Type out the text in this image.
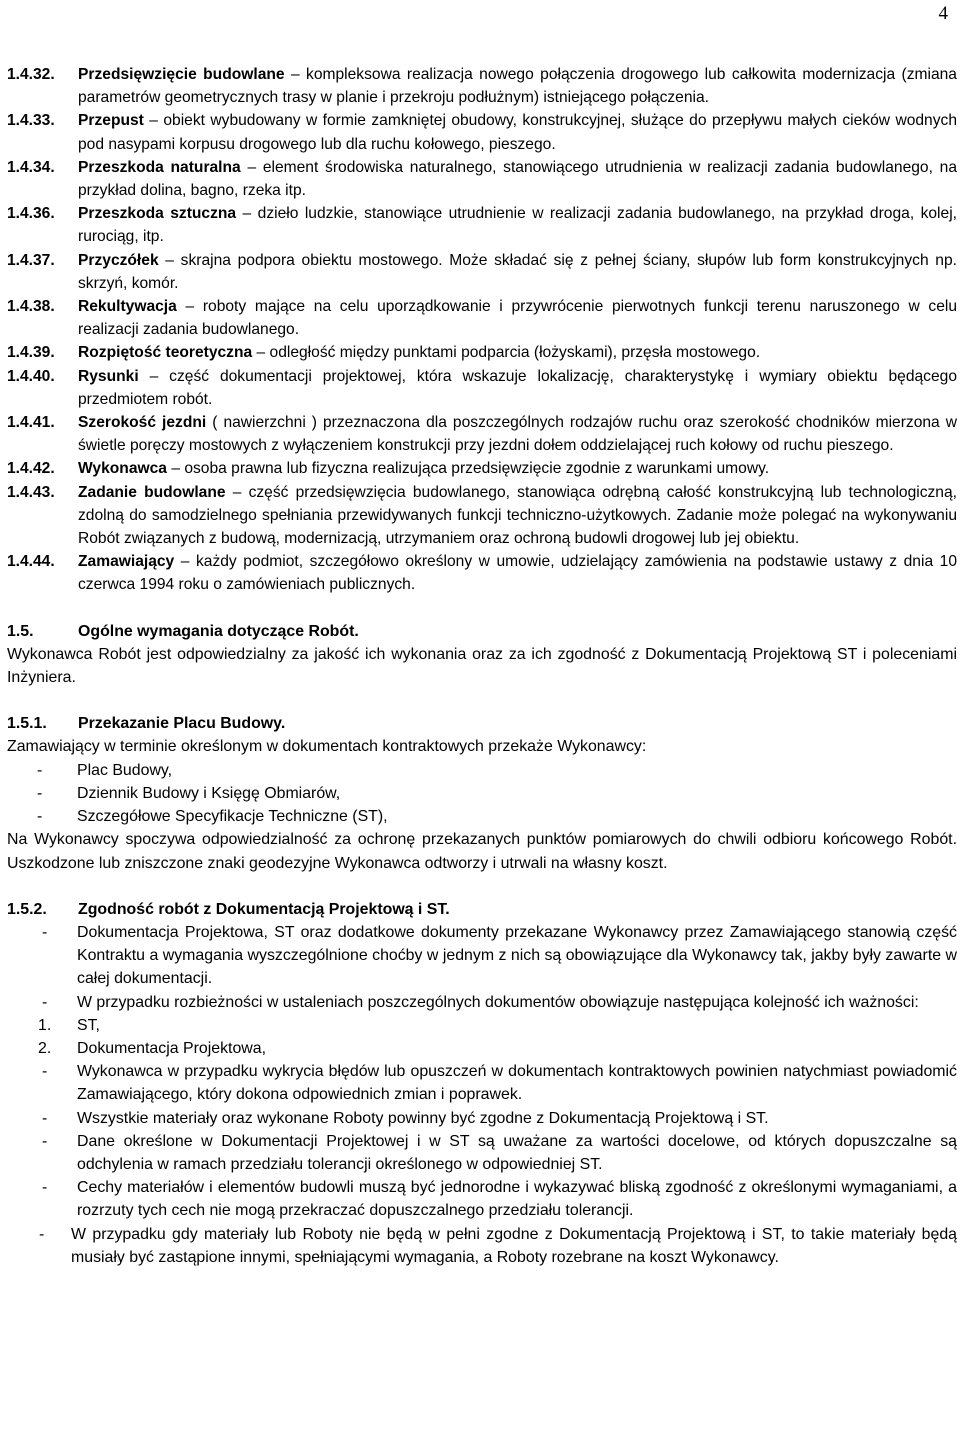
4
1.4.32.	Przedsięwzięcie budowlane – kompleksowa realizacja nowego połączenia drogowego lub całkowita modernizacja (zmiana parametrów geometrycznych trasy w planie i przekroju podłużnym) istniejącego połączenia.
1.4.33.	Przepust – obiekt wybudowany w formie zamkniętej obudowy, konstrukcyjnej, służące do przepływu małych cieków wodnych pod nasypami korpusu drogowego lub dla ruchu kołowego, pieszego.
1.4.34.	Przeszkoda naturalna – element środowiska naturalnego, stanowiącego utrudnienia w realizacji zadania budowlanego, na przykład dolina, bagno, rzeka itp.
1.4.36.	Przeszkoda sztuczna – dzieło ludzkie, stanowiące utrudnienie w realizacji zadania budowlanego, na przykład droga, kolej, rurociąg, itp.
1.4.37.	Przyczółek – skrajna podpora obiektu mostowego. Może składać się z pełnej ściany, słupów lub form konstrukcyjnych np. skrzyń, komór.
1.4.38.	Rekultywacja – roboty mające na celu uporządkowanie i przywrócenie pierwotnych funkcji terenu naruszonego w celu realizacji zadania budowlanego.
1.4.39.	Rozpiętość teoretyczna – odległość między punktami podparcia (łożyskami), przęsła mostowego.
1.4.40.	Rysunki – część dokumentacji projektowej, która wskazuje lokalizację, charakterystykę i wymiary obiektu będącego przedmiotem robót.
1.4.41.	Szerokość jezdni ( nawierzchni ) przeznaczona dla poszczególnych rodzajów ruchu oraz szerokość chodników mierzona w świetle poręczy mostowych z wyłączeniem konstrukcji przy jezdni dołem oddzielającej ruch kołowy od ruchu pieszego.
1.4.42.	Wykonawca – osoba prawna lub fizyczna realizująca przedsięwzięcie zgodnie z warunkami umowy.
1.4.43.	Zadanie budowlane – część przedsięwzięcia budowlanego, stanowiąca odrębną całość konstrukcyjną lub technologiczną, zdolną do samodzielnego spełniania przewidywanych funkcji techniczno-użytkowych. Zadanie może polegać na wykonywaniu Robót związanych z budową, modernizacją, utrzymaniem oraz ochroną budowli drogowej lub jej obiektu.
1.4.44.	Zamawiający – każdy podmiot, szczegółowo określony w umowie, udzielający zamówienia na podstawie ustawy z dnia 10 czerwca 1994 roku o zamówieniach publicznych.
1.5.	Ogólne wymagania dotyczące Robót.

Wykonawca Robót jest odpowiedzialny za jakość ich wykonania oraz za ich zgodność z Dokumentacją Projektową ST i poleceniami Inżyniera.

1.5.1.	Przekazanie Placu Budowy.

Zamawiający w terminie określonym w dokumentach kontraktowych przekaże Wykonawcy:

-	Plac Budowy,
-	Dziennik Budowy i Księgę Obmiarów,
-	Szczegółowe Specyfikacje Techniczne (ST),

Na Wykonawcy spoczywa odpowiedzialność za ochronę przekazanych punktów pomiarowych do chwili odbioru końcowego Robót. Uszkodzone lub zniszczone znaki geodezyjne Wykonawca odtworzy i utrwali na własny koszt.

1.5.2.	Zgodność robót z Dokumentacją Projektową i ST.
-	Dokumentacja Projektowa, ST oraz dodatkowe dokumenty przekazane Wykonawcy przez Zamawiającego stanowią część Kontraktu a wymagania wyszczególnione choćby w jednym z nich są obowiązujące dla Wykonawcy tak, jakby były zawarte w całej dokumentacji.
-	W przypadku rozbieżności w ustaleniach poszczególnych dokumentów obowiązuje następująca kolejność ich ważności:
1.	ST,
2.	Dokumentacja Projektowa,
-	Wykonawca w przypadku wykrycia błędów lub opuszczeń w dokumentach kontraktowych powinien natychmiast powiadomić Zamawiającego, który dokona odpowiednich zmian i poprawek.
-	Wszystkie materiały oraz wykonane Roboty powinny być zgodne z Dokumentacją Projektową i ST.
-	Dane określone w Dokumentacji Projektowej i w ST są uważane za wartości docelowe, od których dopuszczalne są odchylenia w ramach przedziału tolerancji określonego w odpowiedniej ST.
-	Cechy materiałów i elementów budowli muszą być jednorodne i wykazywać bliską zgodność z określonymi wymaganiami, a rozrzuty tych cech nie mogą przekraczać dopuszczalnego przedziału tolerancji.
-	W przypadku gdy materiały lub Roboty nie będą w pełni zgodne z Dokumentacją Projektową i ST, to takie materiały będą musiały być zastąpione innymi, spełniającymi wymagania, a Roboty rozebrane na koszt Wykonawcy.
